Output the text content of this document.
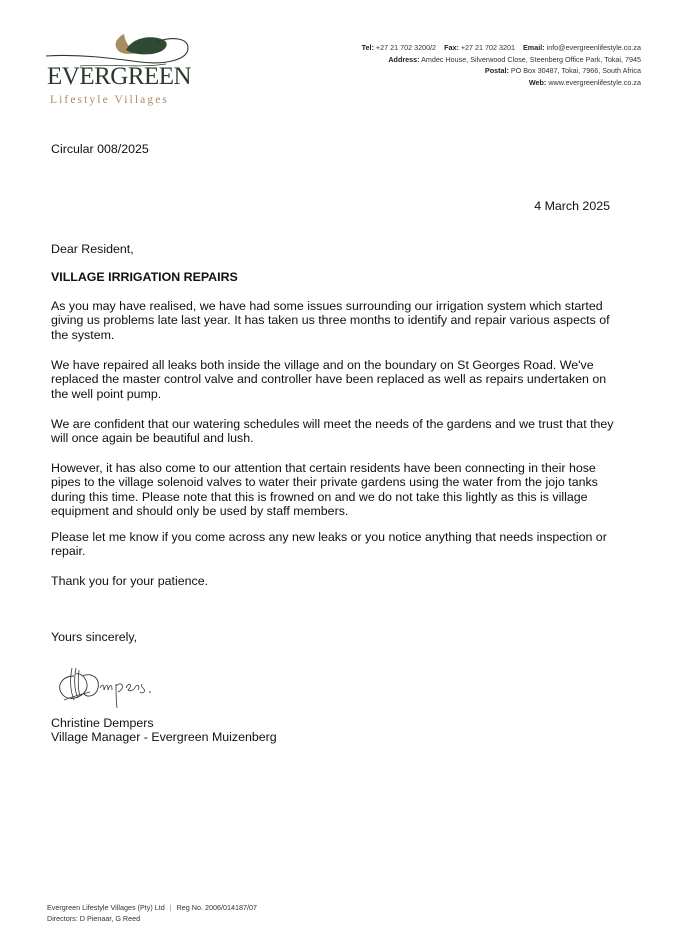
EVERGREEN
Lifestyle Villages
Tel: +27 21 702 3200/2 Fax: +27 21 702 3201 Email: info@evergreenlifestyle.co.za
Address: Amdec House, Silverwood Close, Steenberg Office Park, Tokai, 7945
Postal: PO Box 30487, Tokai, 7966, South Africa
Web: www.evergreenlifestyle.co.za
Circular 008/2025
4 March 2025
Dear Resident,
VILLAGE IRRIGATION REPAIRS
As you may have realised, we have had some issues surrounding our irrigation system which started giving us problems late last year. It has taken us three months to identify and repair various aspects of the system.
We have repaired all leaks both inside the village and on the boundary on St Georges Road. We've replaced the master control valve and controller have been replaced as well as repairs undertaken on the well point pump.
We are confident that our watering schedules will meet the needs of the gardens and we trust that they will once again be beautiful and lush.
However, it has also come to our attention that certain residents have been connecting in their hose pipes to the village solenoid valves to water their private gardens using the water from the jojo tanks during this time. Please note that this is frowned on and we do not take this lightly as this is village equipment and should only be used by staff members.
Please let me know if you come across any new leaks or you notice anything that needs inspection or repair.
Thank you for your patience.
Yours sincerely,
Christine Dempers
Village Manager - Evergreen Muizenberg
Evergreen Lifestyle Villages (Pty) Ltd | Reg No. 2006/014187/07
Directors: D Pienaar, G Reed
